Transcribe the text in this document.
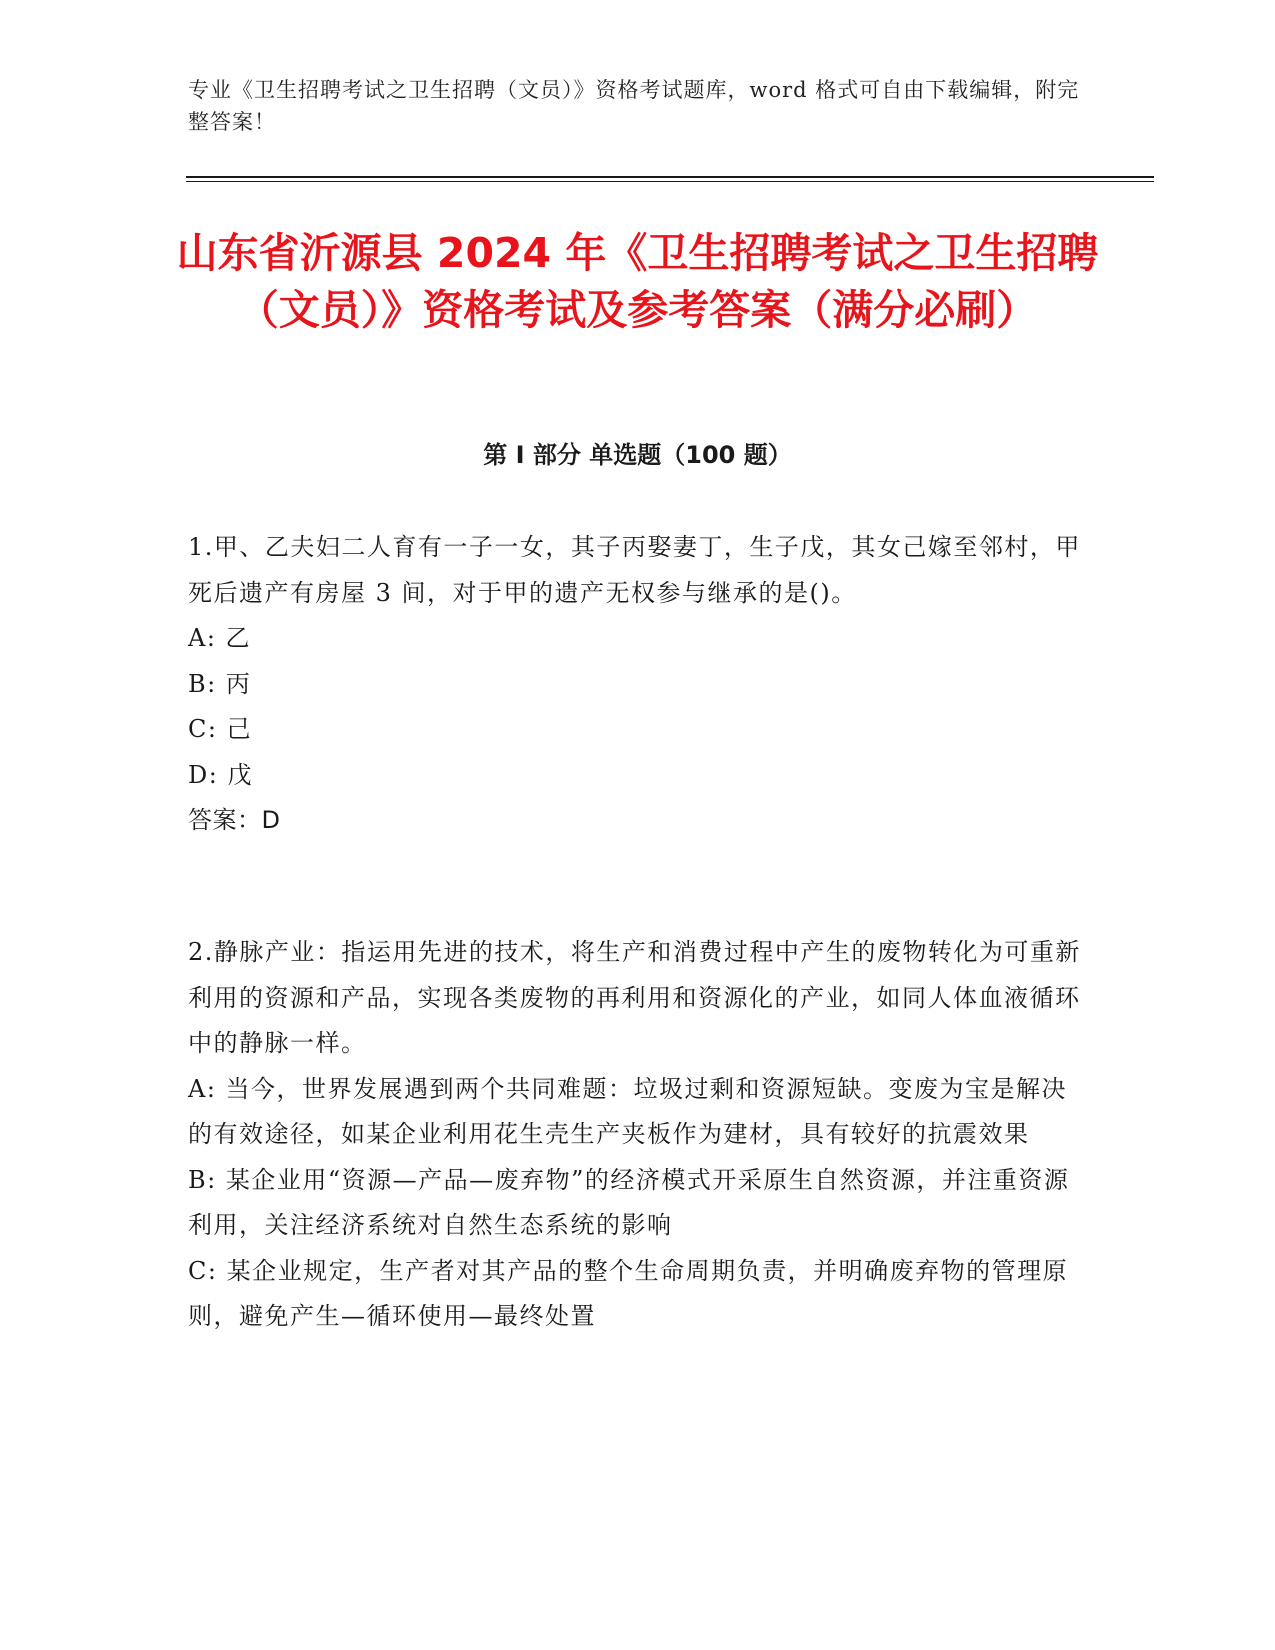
专业《卫生招聘考试之卫生招聘（文员）》资格考试题库，word 格式可自由下载编辑，附完整答案！
山东省沂源县 2024 年《卫生招聘考试之卫生招聘（文员）》资格考试及参考答案（满分必刷）
第 I 部分 单选题（100 题）
1.甲、乙夫妇二人育有一子一女，其子丙娶妻丁，生子戊，其女己嫁至邻村，甲死后遗产有房屋 3 间，对于甲的遗产无权参与继承的是()。
A: 乙
B: 丙
C: 己
D: 戊
答案：D
2.静脉产业：指运用先进的技术，将生产和消费过程中产生的废物转化为可重新利用的资源和产品，实现各类废物的再利用和资源化的产业，如同人体血液循环中的静脉一样。
A: 当今，世界发展遇到两个共同难题：垃圾过剩和资源短缺。变废为宝是解决的有效途径，如某企业利用花生壳生产夹板作为建材，具有较好的抗震效果
B: 某企业用“资源—产品—废弃物”的经济模式开采原生自然资源，并注重资源利用，关注经济系统对自然生态系统的影响
C: 某企业规定，生产者对其产品的整个生命周期负责，并明确废弃物的管理原则，避免产生—循环使用—最终处置
